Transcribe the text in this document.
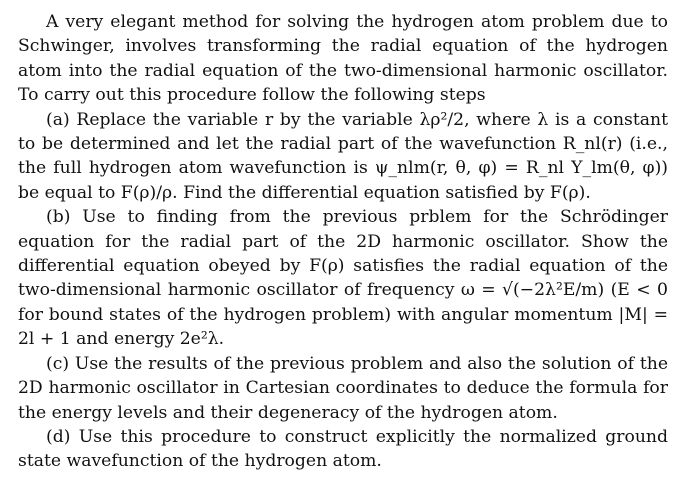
A very elegant method for solving the hydrogen atom problem due to Schwinger, involves transforming the radial equation of the hydrogen atom into the radial equation of the two-dimensional harmonic oscillator. To carry out this procedure follow the following steps

(a) Replace the variable r by the variable λρ²/2, where λ is a constant to be determined and let the radial part of the wavefunction R_nl(r) (i.e., the full hydrogen atom wavefunction is ψ_nlm(r, θ, φ) = R_nl Y_lm(θ, φ)) be equal to F(ρ)/ρ. Find the differential equation satisfied by F(ρ).

(b) Use to finding from the previous prblem for the Schrödinger equation for the radial part of the 2D harmonic oscillator. Show the differential equation obeyed by F(ρ) satisfies the radial equation of the two-dimensional harmonic oscillator of frequency ω = √(−2λ²E/m) (E < 0 for bound states of the hydrogen problem) with angular momentum |M| = 2l + 1 and energy 2e²λ.

(c) Use the results of the previous problem and also the solution of the 2D harmonic oscillator in Cartesian coordinates to deduce the formula for the energy levels and their degeneracy of the hydrogen atom.

(d) Use this procedure to construct explicitly the normalized ground state wavefunction of the hydrogen atom.
